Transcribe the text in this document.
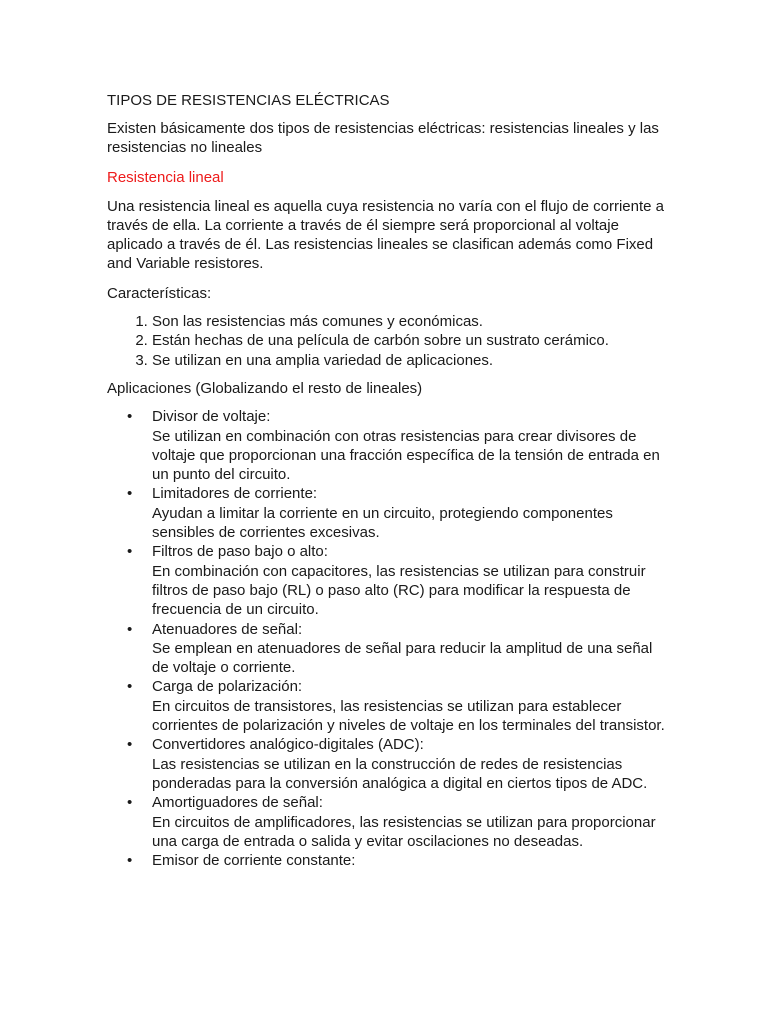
TIPOS DE RESISTENCIAS ELÉCTRICAS

Existen básicamente dos tipos de resistencias eléctricas: resistencias lineales y las resistencias no lineales

Resistencia lineal

Una resistencia lineal es aquella cuya resistencia no varía con el flujo de corriente a través de ella. La corriente a través de él siempre será proporcional al voltaje aplicado a través de él. Las resistencias lineales se clasifican además como Fixed and Variable resistores.

Características:
1. Son las resistencias más comunes y económicas.
2. Están hechas de una película de carbón sobre un sustrato cerámico.
3. Se utilizan en una amplia variedad de aplicaciones.
Aplicaciones (Globalizando el resto de lineales)
• Divisor de voltaje:
Se utilizan en combinación con otras resistencias para crear divisores de voltaje que proporcionan una fracción específica de la tensión de entrada en un punto del circuito.
• Limitadores de corriente:
Ayudan a limitar la corriente en un circuito, protegiendo componentes sensibles de corrientes excesivas.
• Filtros de paso bajo o alto:
En combinación con capacitores, las resistencias se utilizan para construir filtros de paso bajo (RL) o paso alto (RC) para modificar la respuesta de frecuencia de un circuito.
• Atenuadores de señal:
Se emplean en atenuadores de señal para reducir la amplitud de una señal de voltaje o corriente.
• Carga de polarización:
En circuitos de transistores, las resistencias se utilizan para establecer corrientes de polarización y niveles de voltaje en los terminales del transistor.
• Convertidores analógico-digitales (ADC):
Las resistencias se utilizan en la construcción de redes de resistencias ponderadas para la conversión analógica a digital en ciertos tipos de ADC.
• Amortiguadores de señal:
En circuitos de amplificadores, las resistencias se utilizan para proporcionar una carga de entrada o salida y evitar oscilaciones no deseadas.
• Emisor de corriente constante:
